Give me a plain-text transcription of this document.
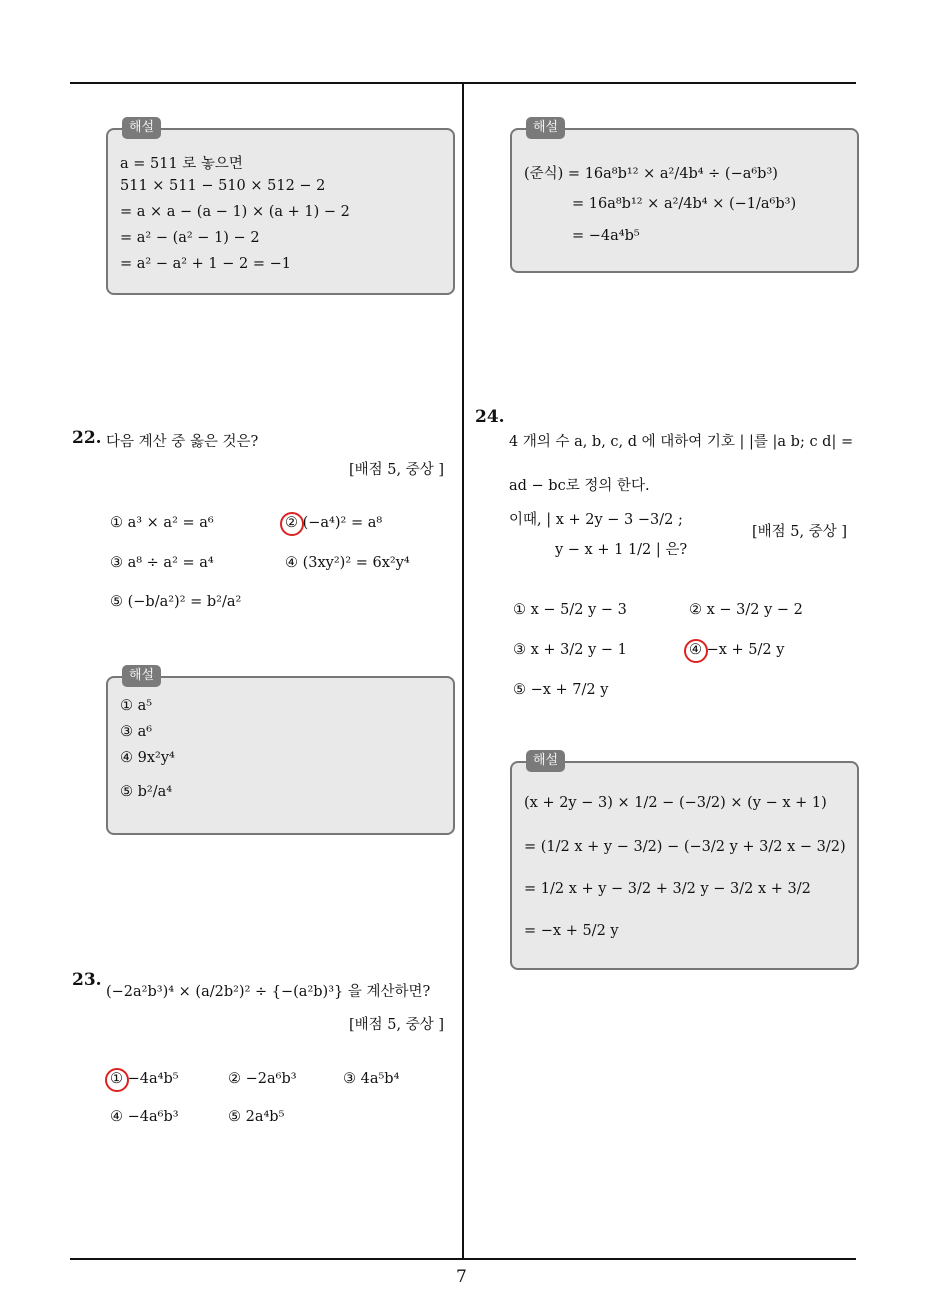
해설
a = 511 로 놓으면
511 × 511 − 510 × 512 − 2
= a × a − (a − 1) × (a + 1) − 2
= a² − (a² − 1) − 2
= a² − a² + 1 − 2 = −1
22. 다음 계산 중 옳은 것은?
[배점 5, 중상 ]
① a³ × a² = a⁶	② (−a⁴)² = a⁸
③ a⁸ ÷ a² = a⁴	④ (3xy²)² = 6x²y⁴
⑤ (−b/a²)² = b²/a²
해설
① a⁵
③ a⁶
④ 9x²y⁴
⑤ b²/a⁴
23.
(−2a²b³)⁴ × (a/2b²)² ÷ {−(a²b)³} 을 계산하면?
[배점 5, 중상 ]
① −4a⁴b⁵	② −2a⁶b³	③ 4a⁵b⁴
④ −4a⁶b³	⑤ 2a⁴b⁵
해설
(준식) = 16a⁸b¹² × a²/4b⁴ ÷ (−a⁶b³)
= 16a⁸b¹² × a²/4b⁴ × (−1/a⁶b³)
= −4a⁴b⁵
24.
4 개의 수 a, b, c, d 에 대하여 기호 | |를 |a b; c d| =
ad − bc로 정의 한다.
이때, | x + 2y − 3 −3/2 ;
y − x + 1 1/2 | 은?
[배점 5, 중상 ]
① x − 5/2 y − 3	② x − 3/2 y − 2
③ x + 3/2 y − 1	④ −x + 5/2 y
⑤ −x + 7/2 y
해설
(x + 2y − 3) × 1/2 − (−3/2) × (y − x + 1)
= (1/2 x + y − 3/2) − (−3/2 y + 3/2 x − 3/2)
= 1/2 x + y − 3/2 + 3/2 y − 3/2 x + 3/2
= −x + 5/2 y
7
